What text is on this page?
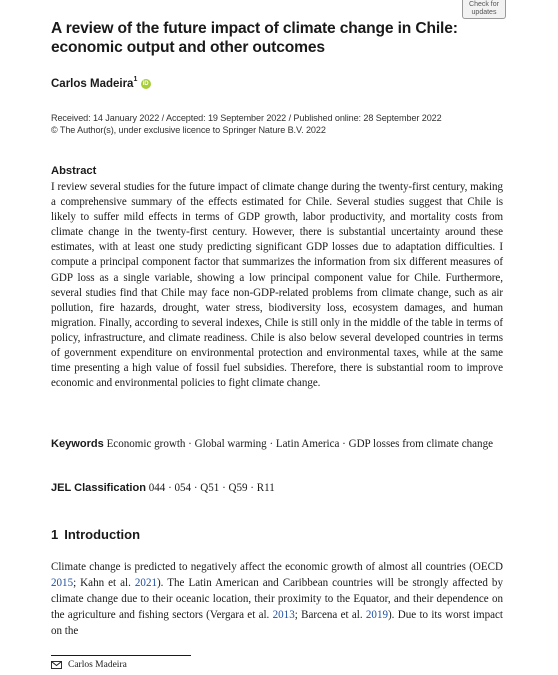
Check for
updates
A review of the future impact of climate change in Chile: economic output and other outcomes
Carlos Madeira$^1$ iD
Received: 14 January 2022 / Accepted: 19 September 2022 / Published online: 28 September 2022
© The Author(s), under exclusive licence to Springer Nature B.V. 2022
Abstract
I review several studies for the future impact of climate change during the twenty-first century, making a comprehensive summary of the effects estimated for Chile. Several studies suggest that Chile is likely to suffer mild effects in terms of GDP growth, labor productivity, and mortality costs from climate change in the twenty-first century. However, there is substantial uncertainty around these estimates, with at least one study predicting significant GDP losses due to adaptation difficulties. I compute a principal component factor that summarizes the information from six different measures of GDP loss as a single variable, showing a low principal component value for Chile. Furthermore, several studies find that Chile may face non-GDP-related problems from climate change, such as air pollution, fire hazards, drought, water stress, biodiversity loss, ecosystem damages, and human migration. Finally, according to several indexes, Chile is still only in the middle of the table in terms of policy, infrastructure, and climate readiness. Chile is also below several developed countries in terms of government expenditure on environmental protection and environmental taxes, while at the same time presenting a high value of fossil fuel subsidies. Therefore, there is substantial room to improve economic and environmental policies to fight climate change.
Keywords Economic growth · Global warming · Latin America · GDP losses from climate change
JEL Classification 044 · 054 · Q51 · Q59 · R11
1 Introduction
Climate change is predicted to negatively affect the economic growth of almost all countries (OECD 2015; Kahn et al. 2021). The Latin American and Caribbean countries will be strongly affected by climate change due to their oceanic location, their proximity to the Equator, and their dependence on the agriculture and fishing sectors (Vergara et al. 2013; Barcena et al. 2019). Due to its worst impact on the
Carlos Madeira
